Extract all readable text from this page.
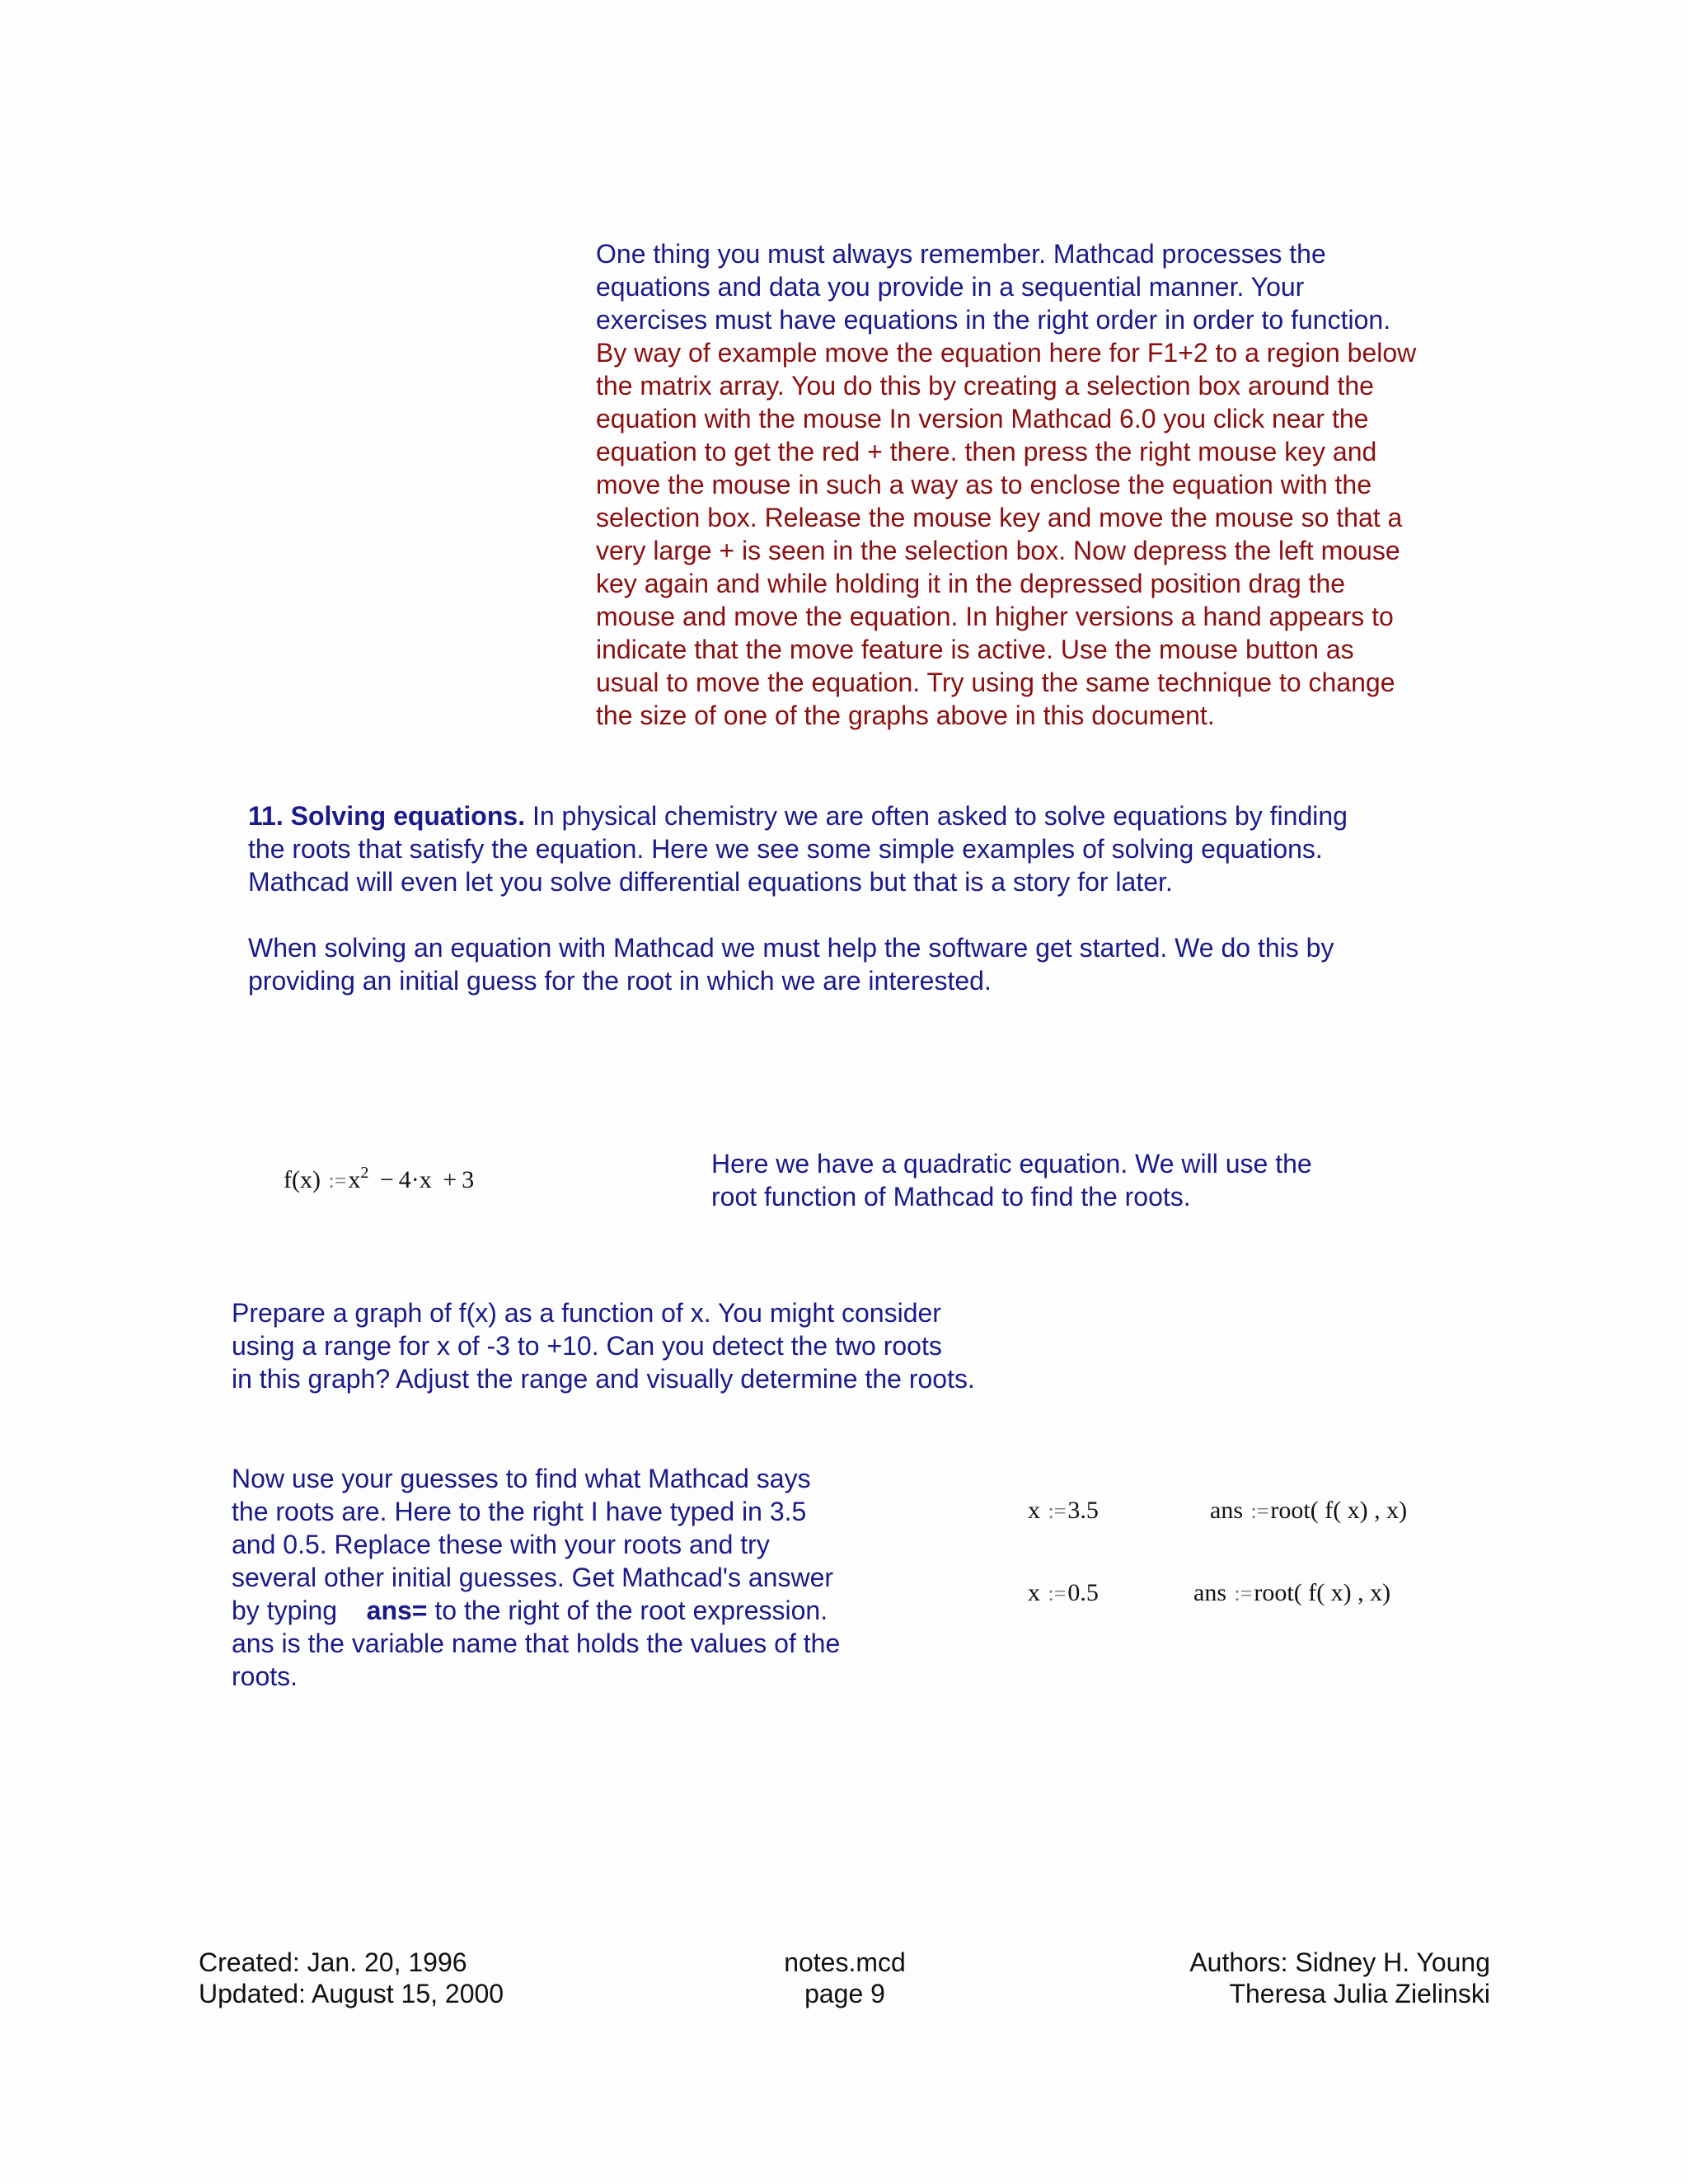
One thing you must always remember. Mathcad processes the
equations and data you provide in a sequential manner. Your
exercises must have equations in the right order in order to function.
By way of example move the equation here for F1+2 to a region below
the matrix array. You do this by creating a selection box around the
equation with the mouse In version Mathcad 6.0 you click near the
equation to get the red + there. then press the right mouse key and
move the mouse in such a way as to enclose the equation with the
selection box. Release the mouse key and move the mouse so that a
very large + is seen in the selection box. Now depress the left mouse
key again and while holding it in the depressed position drag the
mouse and move the equation. In higher versions a hand appears to
indicate that the move feature is active. Use the mouse button as
usual to move the equation. Try using the same technique to change
the size of one of the graphs above in this document.
11. Solving equations. In physical chemistry we are often asked to solve equations by finding
the roots that satisfy the equation. Here we see some simple examples of solving equations.
Mathcad will even let you solve differential equations but that is a story for later.
When solving an equation with Mathcad we must help the software get started. We do this by
providing an initial guess for the root in which we are interested.
f(x) $:=x^2 - 4\cdot x + 3$
Here we have a quadratic equation. We will use the
root function of Mathcad to find the roots.
Prepare a graph of f(x) as a function of x. You might consider
using a range for x of -3 to +10. Can you detect the two roots
in this graph? Adjust the range and visually determine the roots.
Now use your guesses to find what Mathcad says
the roots are. Here to the right I have typed in 3.5
and 0.5. Replace these with your roots and try
several other initial guesses. Get Mathcad's answer
by typing    ans= to the right of the root expression.
ans is the variable name that holds the values of the
roots.
x :=3.5	ans :=root( f( x) , x)
x :=0.5	ans :=root( f( x) , x)
Created: Jan. 20, 1996
Updated: August 15, 2000
notes.mcd
page 9
Authors: Sidney H. Young
Theresa Julia Zielinski
